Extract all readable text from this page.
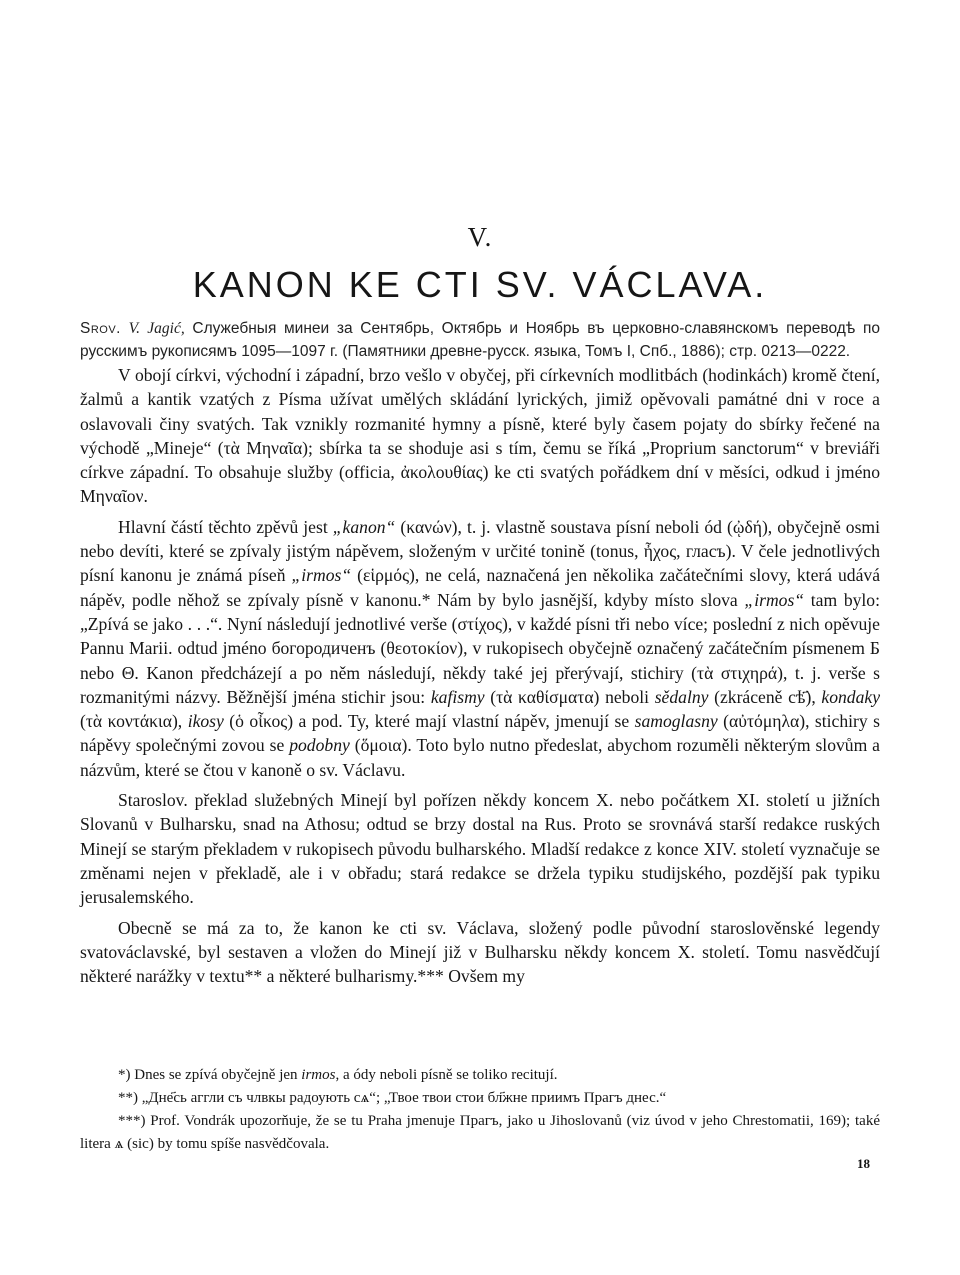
V.
KANON KE CTI SV. VÁCLAVA.
Srov. V. Jagić, Служебныя минеи за Сентябрь, Октябрь и Ноябрь въ церковно-славянскомъ переводѣ по русскимъ рукописямъ 1095—1097 г. (Памятники древне-русск. языка, Томъ I, Спб., 1886); стр. 0213—0222.

V obojí církvi, východní i západní, brzo vešlo v obyčej, při církevních modlitbách (hodinkách) kromě čtení, žalmů a kantik vzatých z Písma užívat umělých skládání lyrických, jimiž opěvovali památné dni v roce a oslavovali činy svatých. Tak vznikly rozmanité hymny a písně, které byly časem pojaty do sbírky řečené na východě „Mineje“ (τὰ Μηναῖα); sbírka ta se shoduje asi s tím, čemu se říká „Proprium sanctorum“ v breviáři církve západní. To obsahuje služby (officia, ἀκολουθίας) ke cti svatých pořádkem dní v měsíci, odkud i jméno Μηναῖον.

Hlavní částí těchto zpěvů jest „kanon“ (κανών), t. j. vlastně soustava písní neboli ód (ᾠδή), obyčejně osmi nebo devíti, které se zpívaly jistým nápěvem, složeným v určité tonině (tonus, ἦχος, гласъ). V čele jednotlivých písní kanonu je známá píseň „irmos“ (εἱρμός), ne celá, naznačená jen několika začátečními slovy, která udává nápěv, podle něhož se zpívaly písně v kanonu.* Nám by bylo jasnější, kdyby místo slova „irmos“ tam bylo: „Zpívá se jako . . .“. Nyní následují jednotlivé verše (στίχος), v každé písni tři nebo více; poslední z nich opěvuje Pannu Marii. odtud jméno богородиченъ (θεοτοκίον), v rukopisech obyčejně označený začátečním písmenem Б nebo Θ. Kanon předcházejí a po něm následují, někdy také jej přerývají, stichiry (τὰ στιχηρά), t. j. verše s rozmanitými názvy. Běžnější jména stichir jsou: kafismy (τὰ καθίσματα) neboli sědalny (zkráceně сѣ҃), kondaky (τὰ κοντάκια), ikosy (ὁ οἶκος) a pod. Ty, které mají vlastní nápěv, jmenují se samoglasny (αὐτόμηλα), stichiry s nápěvy společnými zovou se podobny (ὅμοια). Toto bylo nutno předeslat, abychom rozuměli některým slovům a názvům, které se čtou v kanoně o sv. Václavu.

Staroslov. překlad služebných Minejí byl pořízen někdy koncem X. nebo počátkem XI. století u jižních Slovanů v Bulharsku, snad na Athosu; odtud se brzy dostal na Rus. Proto se srovnává starší redakce ruských Minejí se starým překladem v rukopisech původu bulharského. Mladší redakce z konce XIV. století vyznačuje se změnami nejen v překladě, ale i v obřadu; stará redakce se držela typiku studijského, pozdější pak typiku jerusalemského.

Obecně se má za to, že kanon ke cti sv. Václava, složený podle původní staroslověnské legendy svatováclavské, byl sestaven a vložen do Minejí již v Bulharsku někdy koncem X. století. Tomu nasvědčují některé narážky v textu** a některé bulharismy.*** Ovšem my

*) Dnes se zpívá obyčejně jen irmos, a ódy neboli písně se toliko recitují.

**) „Дне҃сь аггли съ члвкы радоують сѧ“; „Твое твои стои бл҃жне приимъ Прагъ днес.“

***) Prof. Vondrák upozorňuje, že se tu Praha jmenuje Прагъ, jako u Jihoslovanů (viz úvod v jeho Chrestomatii, 169); také litera ѧ (sic) by tomu spíše nasvědčovala.

18
